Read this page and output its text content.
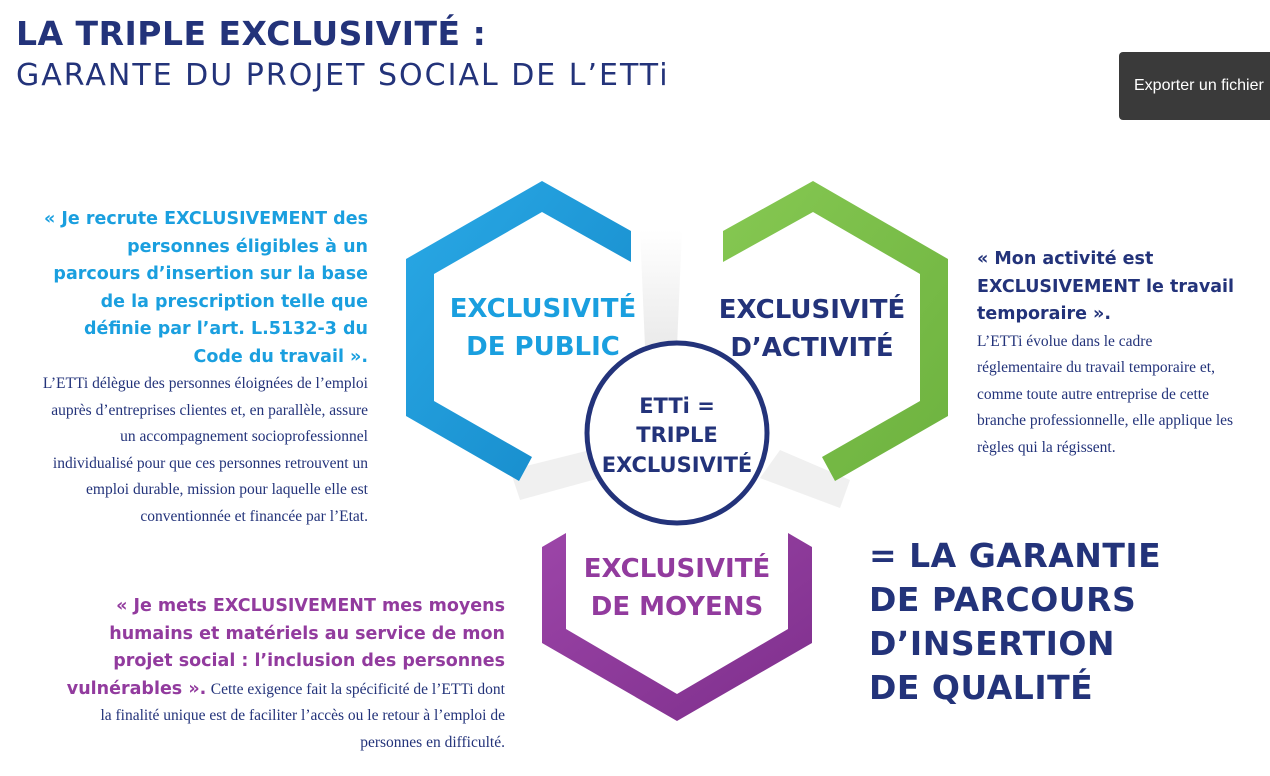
LA TRIPLE EXCLUSIVITÉ :
GARANTE DU PROJET SOCIAL DE L’ETTi	Exporter un fichier
EXCLUSIVITÉ
DE PUBLIC
EXCLUSIVITÉ
D’ACTIVITÉ
EXCLUSIVITÉ
DE MOYENS
ETTi =
TRIPLE
EXCLUSIVITÉ
« Je recrute EXCLUSIVEMENT des personnes éligibles à un parcours d’insertion sur la base de la prescription telle que définie par l’art. L.5132-3 du Code du travail ».
L’ETTi délègue des personnes éloignées de l’emploi auprès d’entreprises clientes et, en parallèle, assure un accompagnement socioprofessionnel individualisé pour que ces personnes retrouvent un emploi durable, mission pour laquelle elle est conventionnée et financée par l’Etat.
« Mon activité est EXCLUSIVEMENT le travail temporaire ».
L’ETTi évolue dans le cadre réglementaire du travail temporaire et, comme toute autre entreprise de cette branche professionnelle, elle applique les règles qui la régissent.
« Je mets EXCLUSIVEMENT mes moyens humains et matériels au service de mon projet social : l’inclusion des personnes vulnérables ». Cette exigence fait la spécificité de l’ETTi dont la finalité unique est de faciliter l’accès ou le retour à l’emploi de personnes en difficulté.
= LA GARANTIE
DE PARCOURS
D’INSERTION
DE QUALITÉ
